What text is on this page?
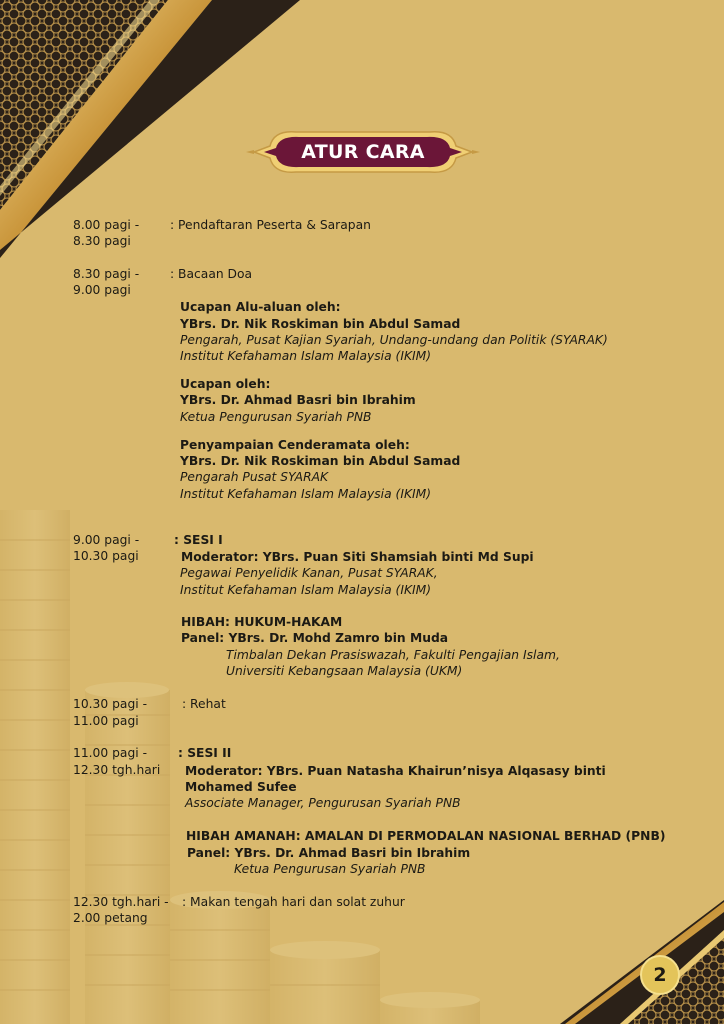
ATUR CARA
8.00 pagi -
8.30 pagi
: Pendaftaran Peserta & Sarapan
8.30 pagi -
9.00 pagi
: Bacaan Doa
Ucapan Alu-aluan oleh:
YBrs. Dr. Nik Roskiman bin Abdul Samad
Pengarah, Pusat Kajian Syariah, Undang-undang dan Politik (SYARAK)
Institut Kefahaman Islam Malaysia (IKIM)
Ucapan oleh:
YBrs. Dr. Ahmad Basri bin Ibrahim
Ketua Pengurusan Syariah PNB
Penyampaian Cenderamata oleh:
YBrs. Dr. Nik Roskiman bin Abdul Samad
Pengarah Pusat SYARAK
Institut Kefahaman Islam Malaysia (IKIM)
9.00 pagi -
10.30 pagi
: SESI I
Moderator: YBrs. Puan Siti Shamsiah binti Md Supi
Pegawai Penyelidik Kanan, Pusat SYARAK,
Institut Kefahaman Islam Malaysia (IKIM)
HIBAH: HUKUM-HAKAM
Panel: YBrs. Dr. Mohd Zamro bin Muda
Timbalan Dekan Prasiswazah, Fakulti Pengajian Islam,
Universiti Kebangsaan Malaysia (UKM)
10.30 pagi -
11.00 pagi
: Rehat
11.00 pagi -
12.30 tgh.hari
: SESI II
Moderator: YBrs. Puan Natasha Khairun’nisya Alqasasy binti
Mohamed Sufee
Associate Manager, Pengurusan Syariah PNB
HIBAH AMANAH: AMALAN DI PERMODALAN NASIONAL BERHAD (PNB)
Panel: YBrs. Dr. Ahmad Basri bin Ibrahim
Ketua Pengurusan Syariah PNB
12.30 tgh.hari -
2.00 petang
: Makan tengah hari dan solat zuhur
2
